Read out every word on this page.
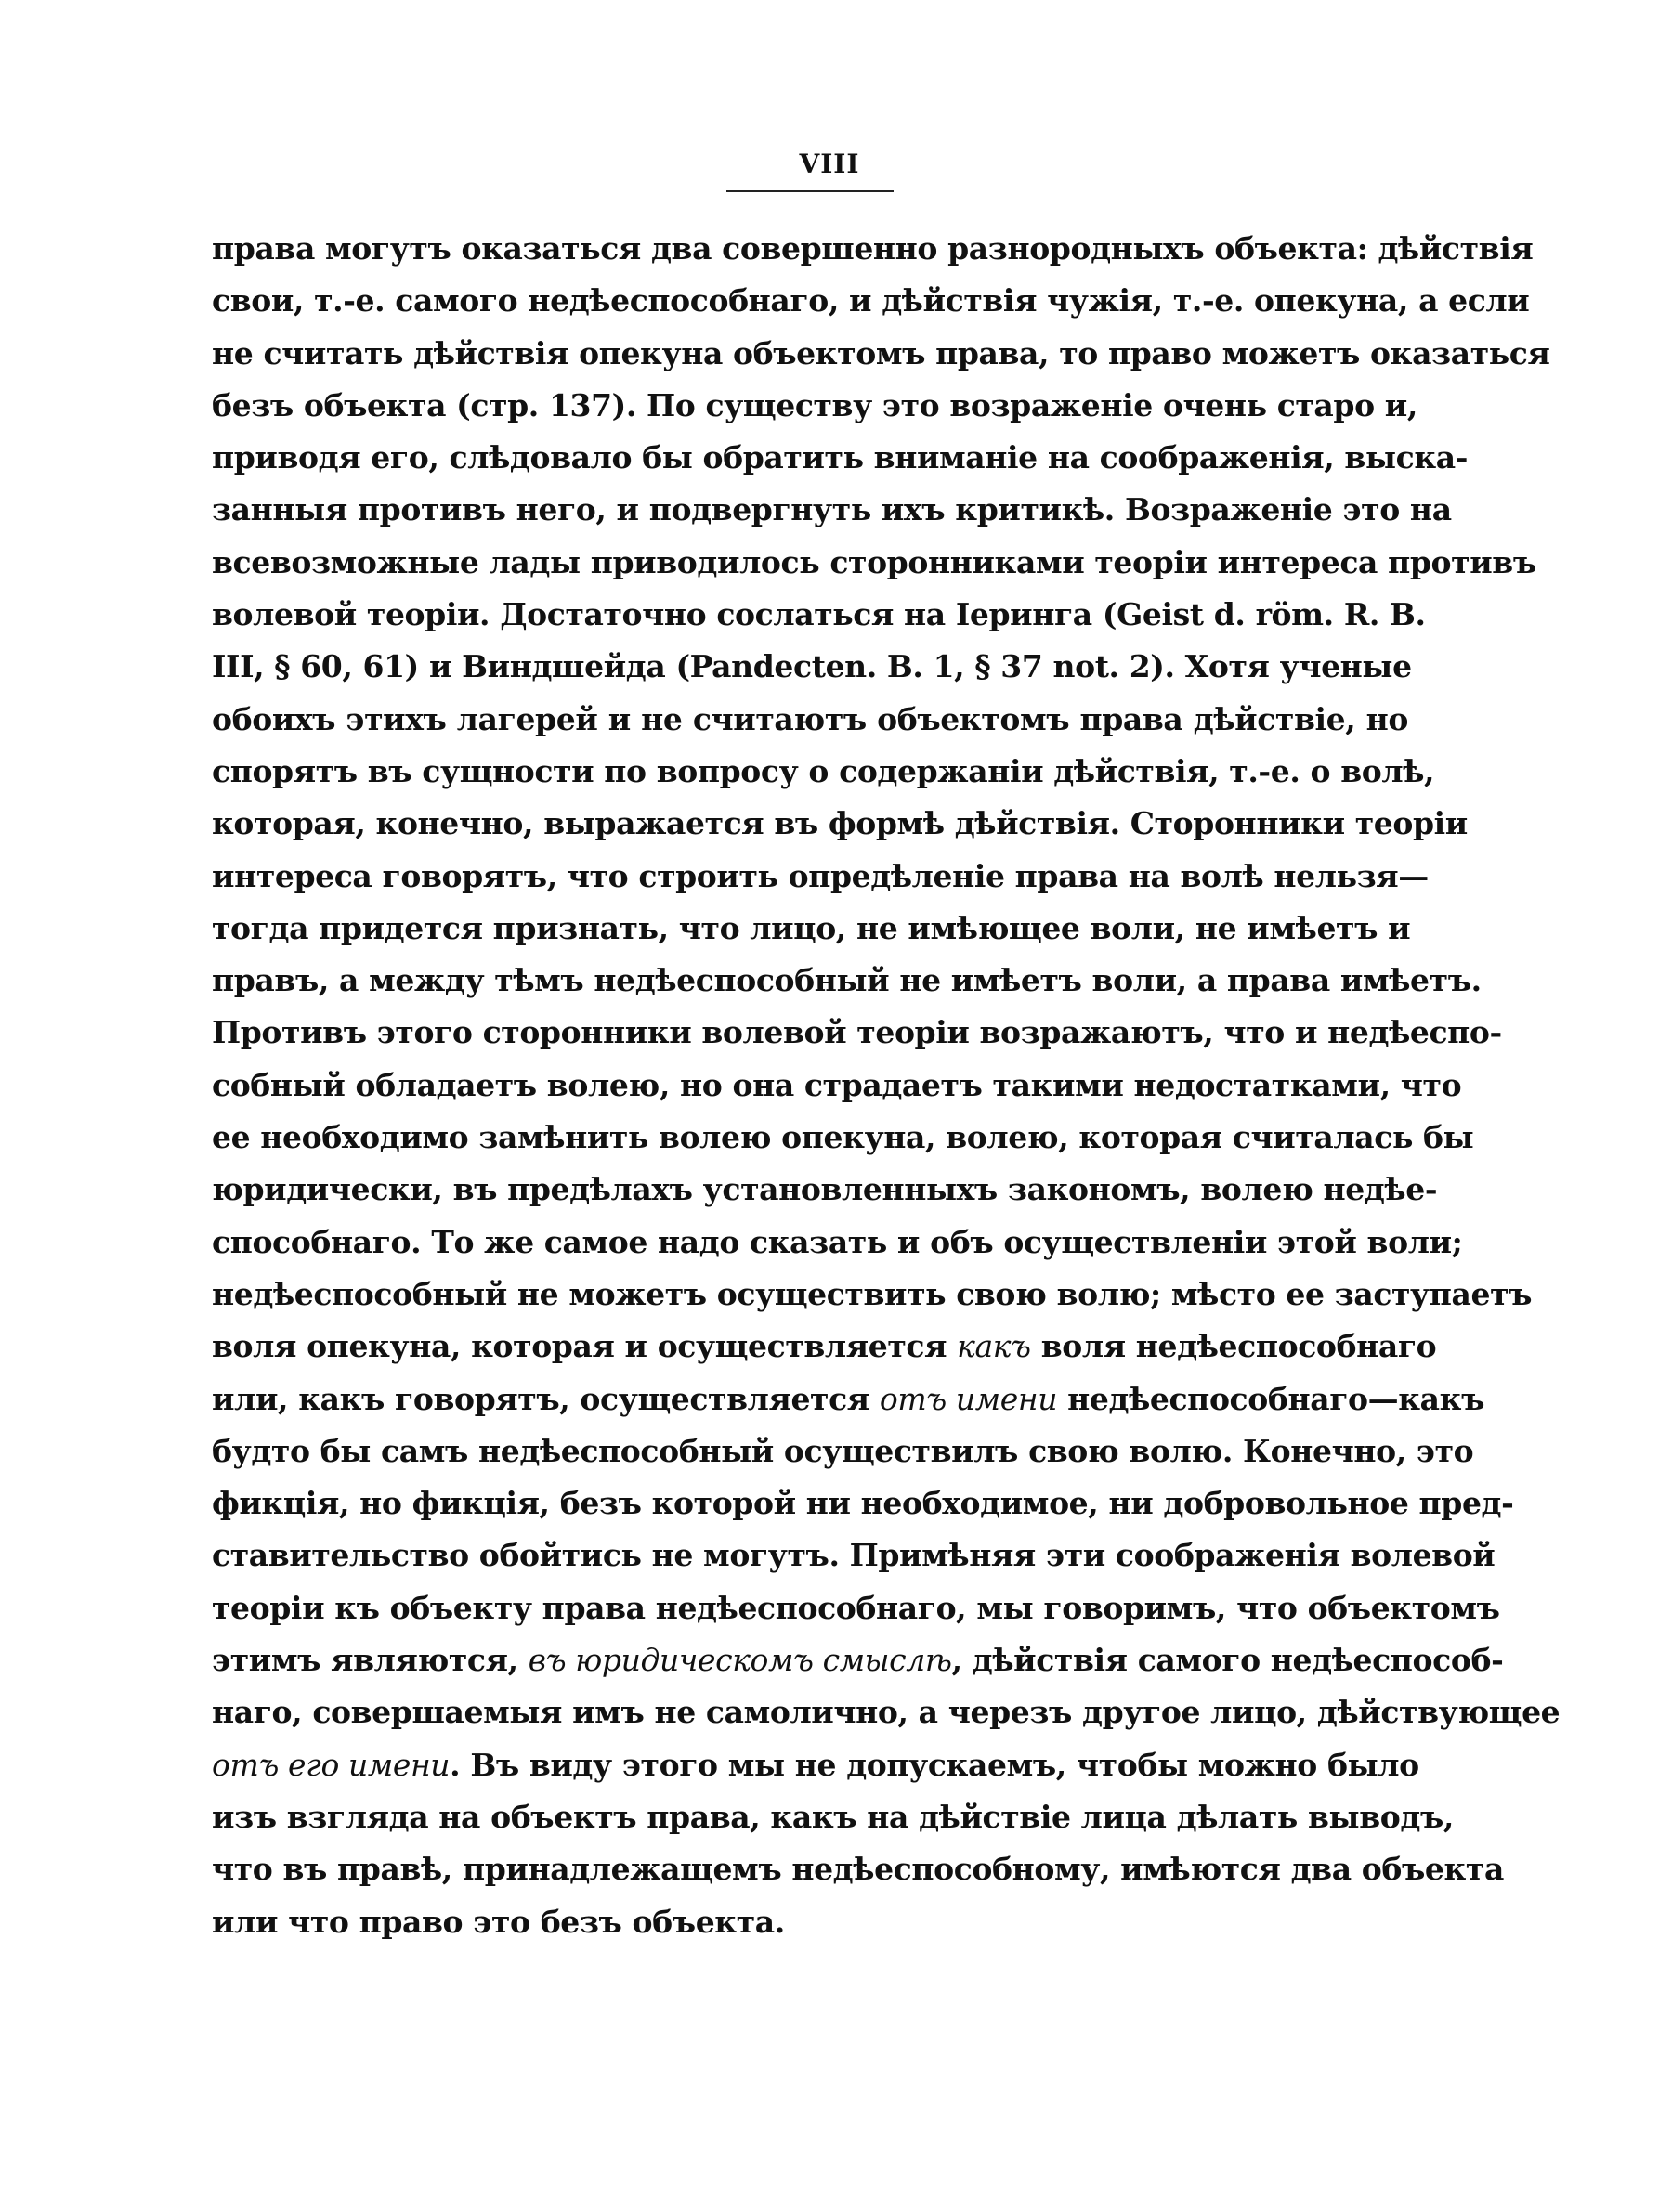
VIII
права могутъ оказаться два совершенно разнородныхъ объекта: дѣйствія
свои, т.-е. самого недѣеспособнаго, и дѣйствія чужія, т.-е. опекуна, а если
не считать дѣйствія опекуна объектомъ права, то право можетъ оказаться
безъ объекта (стр. 137). По существу это возраженіе очень старо и,
приводя его, слѣдовало бы обратить вниманіе на соображенія, выска-
занныя противъ него, и подвергнуть ихъ критикѣ. Возраженіе это на
всевозможные лады приводилось сторонниками теоріи интереса противъ
волевой теоріи. Достаточно сослаться на Іеринга (Geist d. röm. R. B.
III, § 60, 61) и Виндшейда (Pandecten. B. 1, § 37 not. 2). Хотя ученые
обоихъ этихъ лагерей и не считаютъ объектомъ права дѣйствіе, но
спорятъ въ сущности по вопросу о содержаніи дѣйствія, т.-е. о волѣ,
которая, конечно, выражается въ формѣ дѣйствія. Сторонники теоріи
интереса говорятъ, что строить опредѣленіе права на волѣ нельзя—
тогда придется признать, что лицо, не имѣющее воли, не имѣетъ и
правъ, а между тѣмъ недѣеспособный не имѣетъ воли, а права имѣетъ.
Противъ этого сторонники волевой теоріи возражаютъ, что и недѣеспо-
собный обладаетъ волею, но она страдаетъ такими недостатками, что
ее необходимо замѣнить волею опекуна, волею, которая считалась бы
юридически, въ предѣлахъ установленныхъ закономъ, волею недѣе-
способнаго. То же самое надо сказать и объ осуществленіи этой воли;
недѣеспособный не можетъ осуществить свою волю; мѣсто ее заступаетъ
воля опекуна, которая и осуществляется какъ воля недѣеспособнаго
или, какъ говорятъ, осуществляется отъ имени недѣеспособнаго—какъ
будто бы самъ недѣеспособный осуществилъ свою волю. Конечно, это
фикція, но фикція, безъ которой ни необходимое, ни добровольное пред-
ставительство обойтись не могутъ. Примѣняя эти соображенія волевой
теоріи къ объекту права недѣеспособнаго, мы говоримъ, что объектомъ
этимъ являются, въ юридическомъ смыслѣ, дѣйствія самого недѣеспособ-
наго, совершаемыя имъ не самолично, а черезъ другое лицо, дѣйствующее
отъ его имени. Въ виду этого мы не допускаемъ, чтобы можно было
изъ взгляда на объектъ права, какъ на дѣйствіе лица дѣлать выводъ,
что въ правѣ, принадлежащемъ недѣеспособному, имѣются два объекта
или что право это безъ объекта.
